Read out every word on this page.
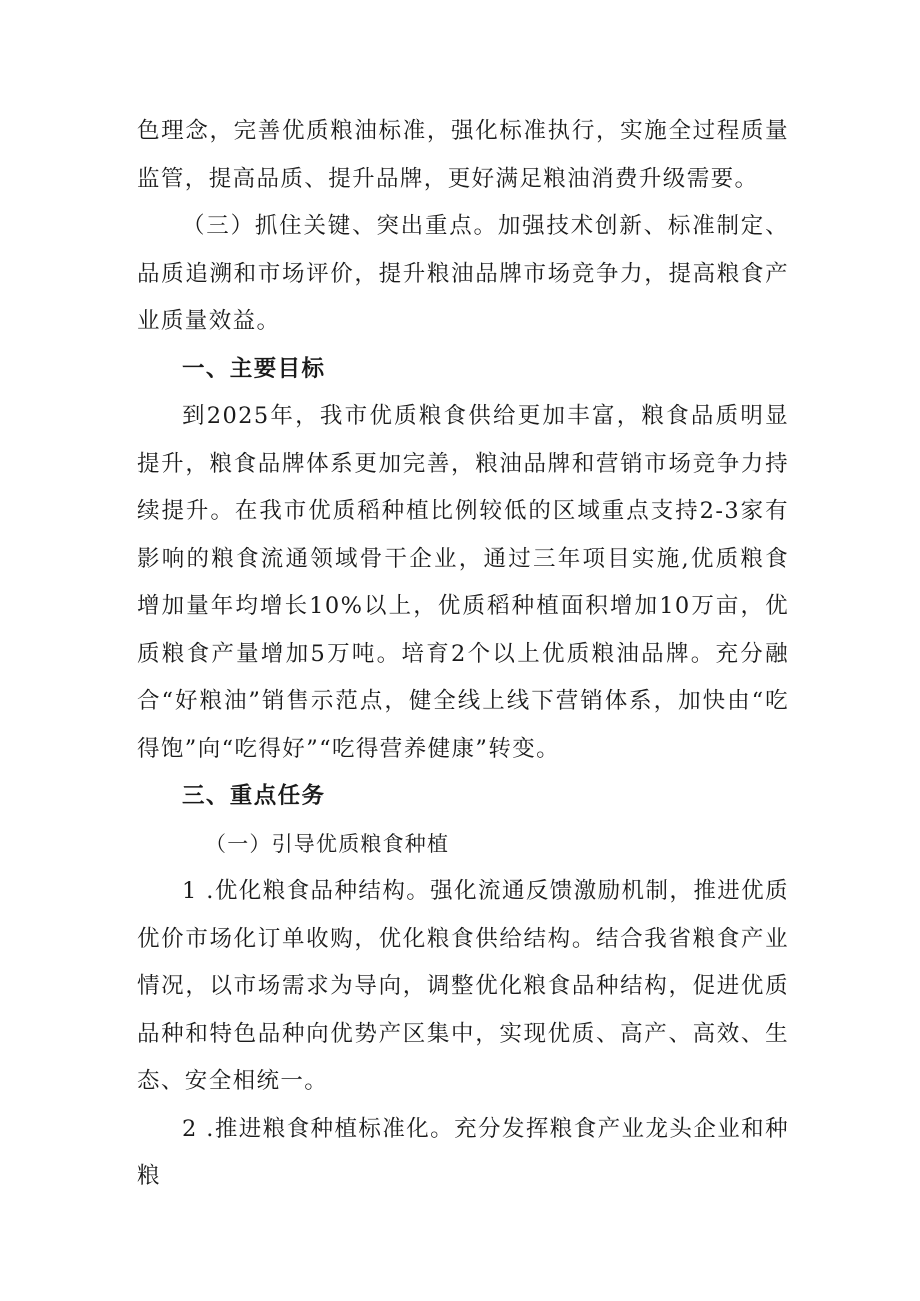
色理念，完善优质粮油标准，强化标准执行，实施全过程质量监管，提高品质、提升品牌，更好满足粮油消费升级需要。

（三）抓住关键、突出重点。加强技术创新、标准制定、品质追溯和市场评价，提升粮油品牌市场竞争力，提高粮食产业质量效益。

一、主要目标

到2025年，我市优质粮食供给更加丰富，粮食品质明显提升，粮食品牌体系更加完善，粮油品牌和营销市场竞争力持续提升。在我市优质稻种植比例较低的区域重点支持2-3家有影响的粮食流通领域骨干企业，通过三年项目实施,优质粮食增加量年均增长10%以上，优质稻种植面积增加10万亩，优质粮食产量增加5万吨。培育2个以上优质粮油品牌。充分融合“好粮油”销售示范点，健全线上线下营销体系，加快由“吃得饱”向“吃得好”“吃得营养健康”转变。

三、重点任务

（一）引导优质粮食种植

1 .优化粮食品种结构。强化流通反馈激励机制，推进优质优价市场化订单收购，优化粮食供给结构。结合我省粮食产业情况，以市场需求为导向，调整优化粮食品种结构，促进优质品种和特色品种向优势产区集中，实现优质、高产、高效、生态、安全相统一。

2 .推进粮食种植标准化。充分发挥粮食产业龙头企业和种粮
